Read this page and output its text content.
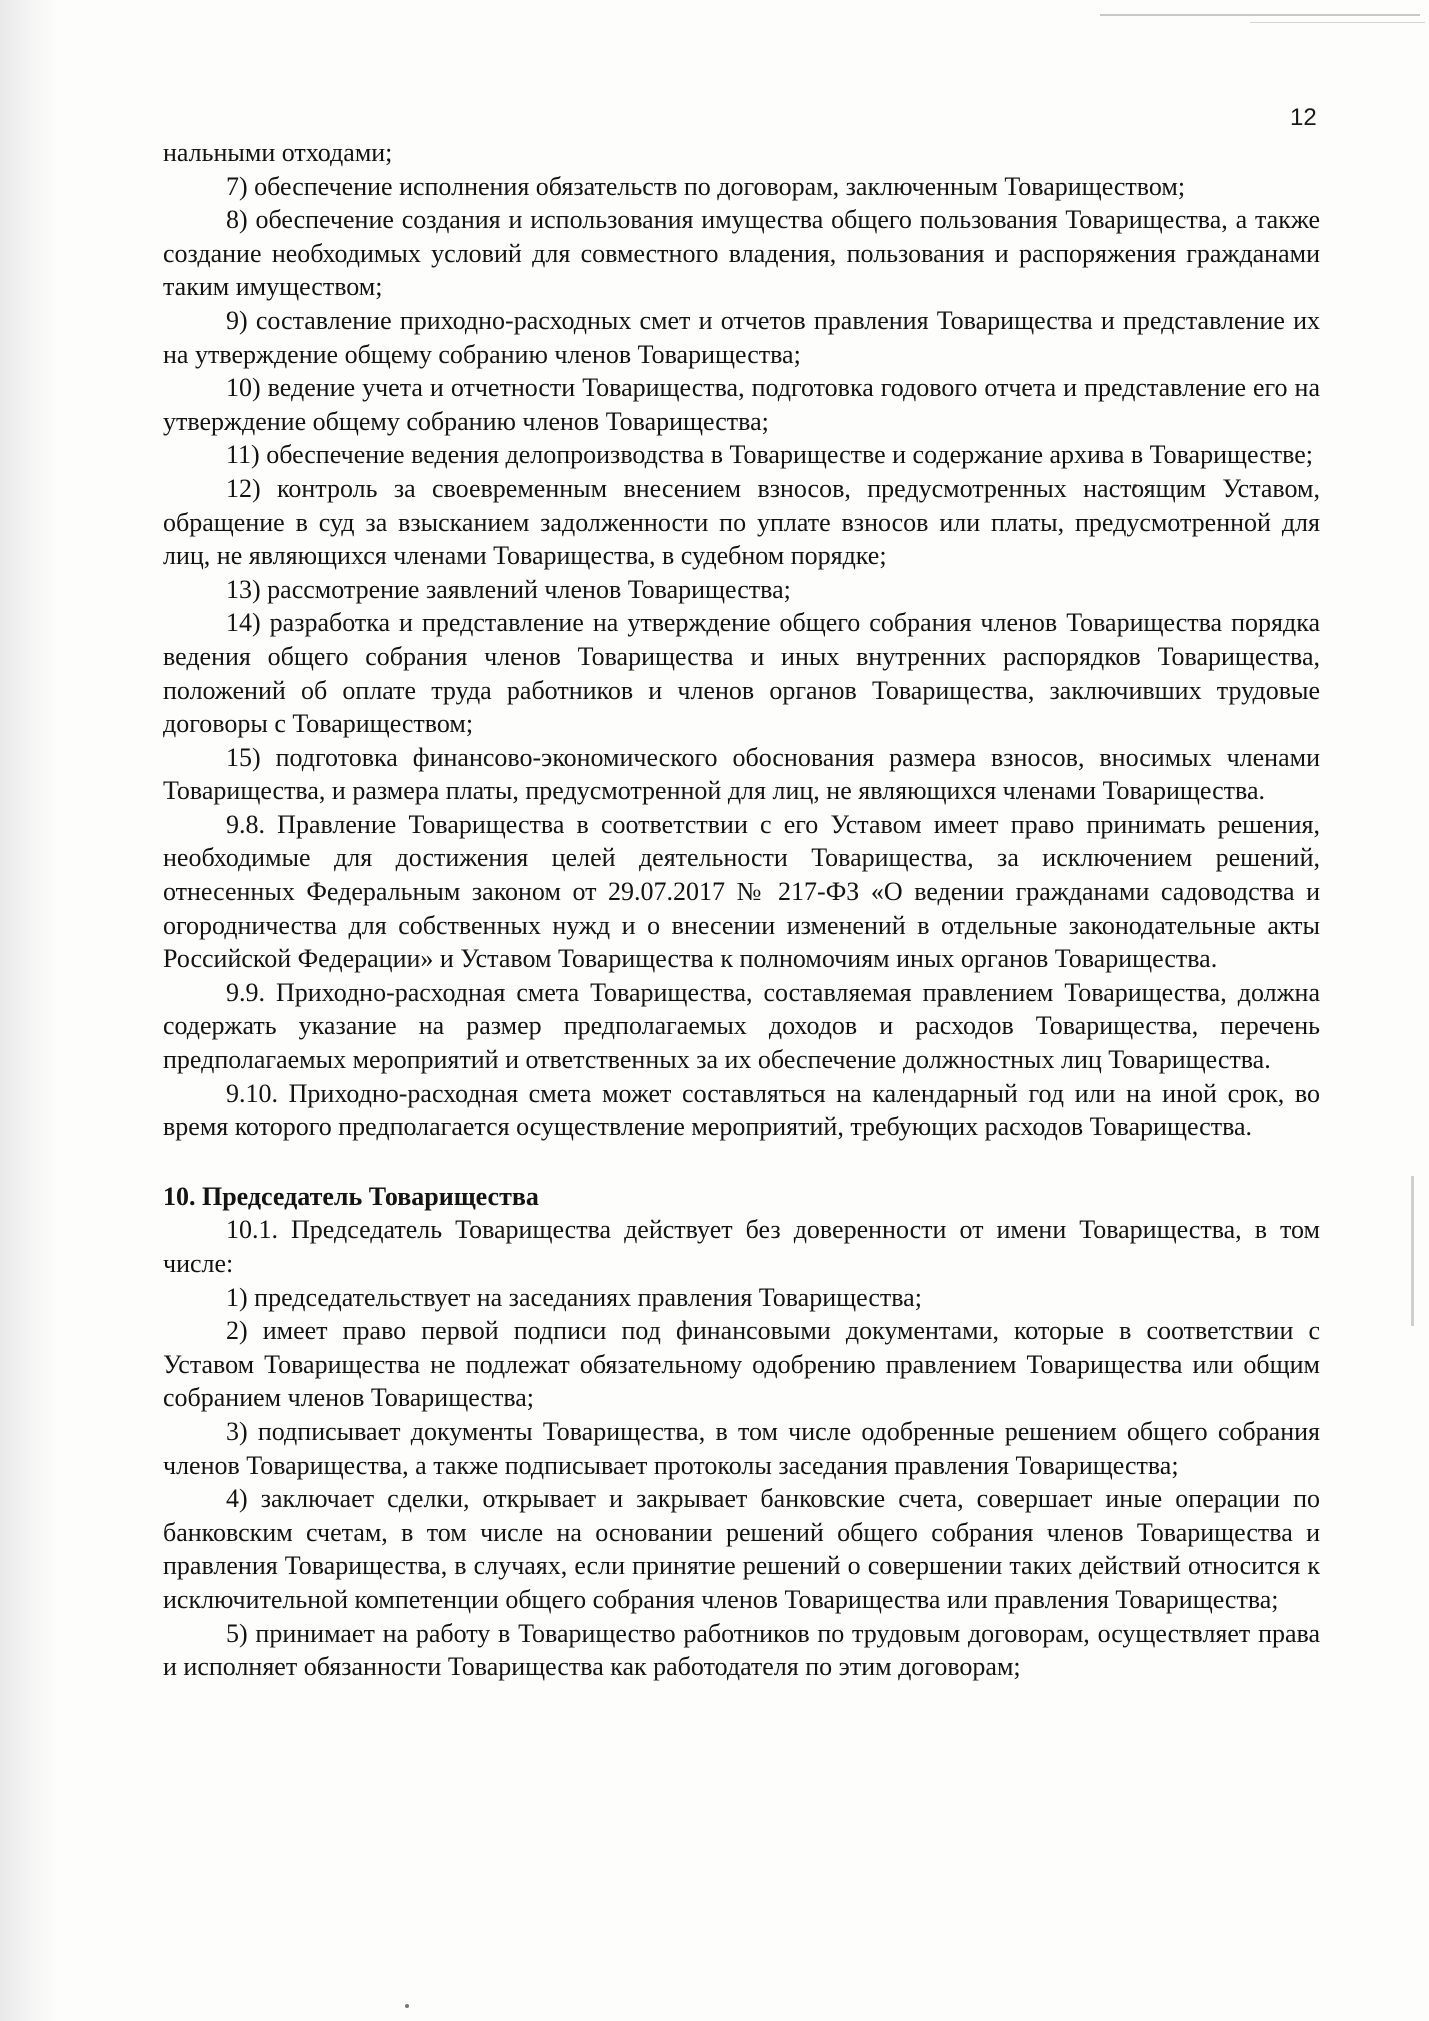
12

нальными отходами;

7) обеспечение исполнения обязательств по договорам, заключенным Товариществом;

8) обеспечение создания и использования имущества общего пользования Товарищества, а также создание необходимых условий для совместного владения, пользования и распоряжения гражданами таким имуществом;

9) составление приходно-расходных смет и отчетов правления Товарищества и представление их на утверждение общему собранию членов Товарищества;

10) ведение учета и отчетности Товарищества, подготовка годового отчета и представление его на утверждение общему собранию членов Товарищества;

11) обеспечение ведения делопроизводства в Товариществе и содержание архива в Товариществе;

12) контроль за своевременным внесением взносов, предусмотренных настоящим Уставом, обращение в суд за взысканием задолженности по уплате взносов или платы, предусмотренной для лиц, не являющихся членами Товарищества, в судебном порядке;

13) рассмотрение заявлений членов Товарищества;

14) разработка и представление на утверждение общего собрания членов Товарищества порядка ведения общего собрания членов Товарищества и иных внутренних распорядков Товарищества, положений об оплате труда работников и членов органов Товарищества, заключивших трудовые договоры с Товариществом;

15) подготовка финансово-экономического обоснования размера взносов, вносимых членами Товарищества, и размера платы, предусмотренной для лиц, не являющихся членами Товарищества.

9.8. Правление Товарищества в соответствии с его Уставом имеет право принимать решения, необходимые для достижения целей деятельности Товарищества, за исключением решений, отнесенных Федеральным законом от 29.07.2017 № 217-ФЗ «О ведении гражданами садоводства и огородничества для собственных нужд и о внесении изменений в отдельные законодательные акты Российской Федерации» и Уставом Товарищества к полномочиям иных органов Товарищества.

9.9. Приходно-расходная смета Товарищества, составляемая правлением Товарищества, должна содержать указание на размер предполагаемых доходов и расходов Товарищества, перечень предполагаемых мероприятий и ответственных за их обеспечение должностных лиц Товарищества.

9.10. Приходно-расходная смета может составляться на календарный год или на иной срок, во время которого предполагается осуществление мероприятий, требующих расходов Товарищества.

10. Председатель Товарищества

10.1. Председатель Товарищества действует без доверенности от имени Товарищества, в том числе:

1) председательствует на заседаниях правления Товарищества;

2) имеет право первой подписи под финансовыми документами, которые в соответствии с Уставом Товарищества не подлежат обязательному одобрению правлением Товарищества или общим собранием членов Товарищества;

3) подписывает документы Товарищества, в том числе одобренные решением общего собрания членов Товарищества, а также подписывает протоколы заседания правления Товарищества;

4) заключает сделки, открывает и закрывает банковские счета, совершает иные операции по банковским счетам, в том числе на основании решений общего собрания членов Товарищества и правления Товарищества, в случаях, если принятие решений о совершении таких действий относится к исключительной компетенции общего собрания членов Товарищества или правления Товарищества;

5) принимает на работу в Товарищество работников по трудовым договорам, осуществляет права и исполняет обязанности Товарищества как работодателя по этим договорам;
